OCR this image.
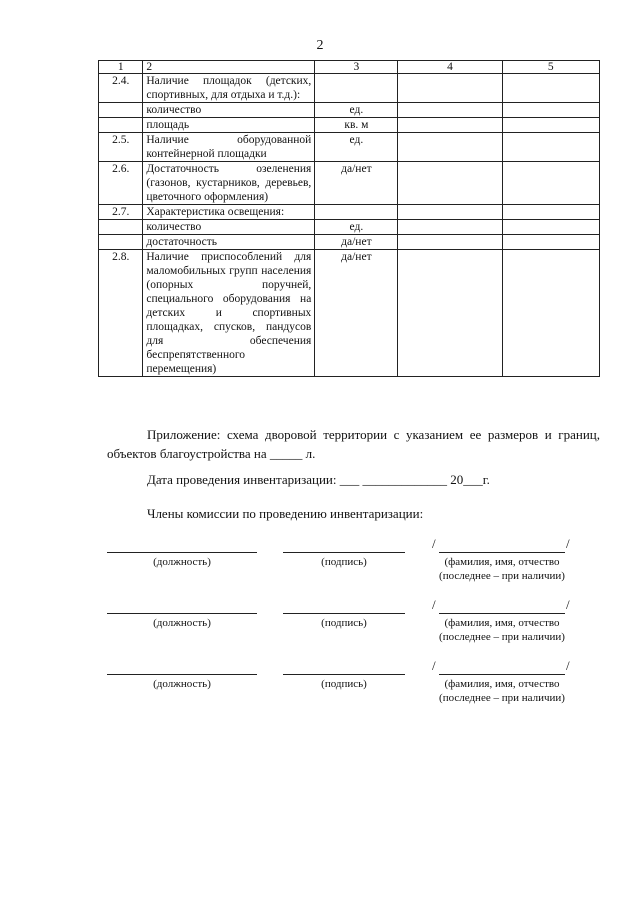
2
1	2	3	4	5
2.4.	Наличие площадок (детских, спортивных, для отдыха и т.д.):			
	количество	ед.		
	площадь	кв. м		
2.5.	Наличие оборудованной контейнерной площадки	ед.		
2.6.	Достаточность озеленения (газонов, кустарников, деревьев, цветочного оформления)	да/нет		
2.7.	Характеристика освещения:			
	количество	ед.		
	достаточность	да/нет		
2.8.	Наличие приспособлений для маломобильных групп населения (опорных поручней, специального оборудования на детских и спортивных площадках, спусков, пандусов для обеспечения беспрепятственного перемещения)	да/нет		
Приложение: схема дворовой территории с указанием ее размеров и границ, объектов благоустройства на _____ л.
Дата проведения инвентаризации: ___ _____________ 20___г.
Члены комиссии по проведению инвентаризации:
(должность)	(подпись)
/	/
(фамилия, имя, отчество
(последнее – при наличии)
(должность)	(подпись)
/	/
(фамилия, имя, отчество
(последнее – при наличии)
(должность)	(подпись)
/	/
(фамилия, имя, отчество
(последнее – при наличии)
